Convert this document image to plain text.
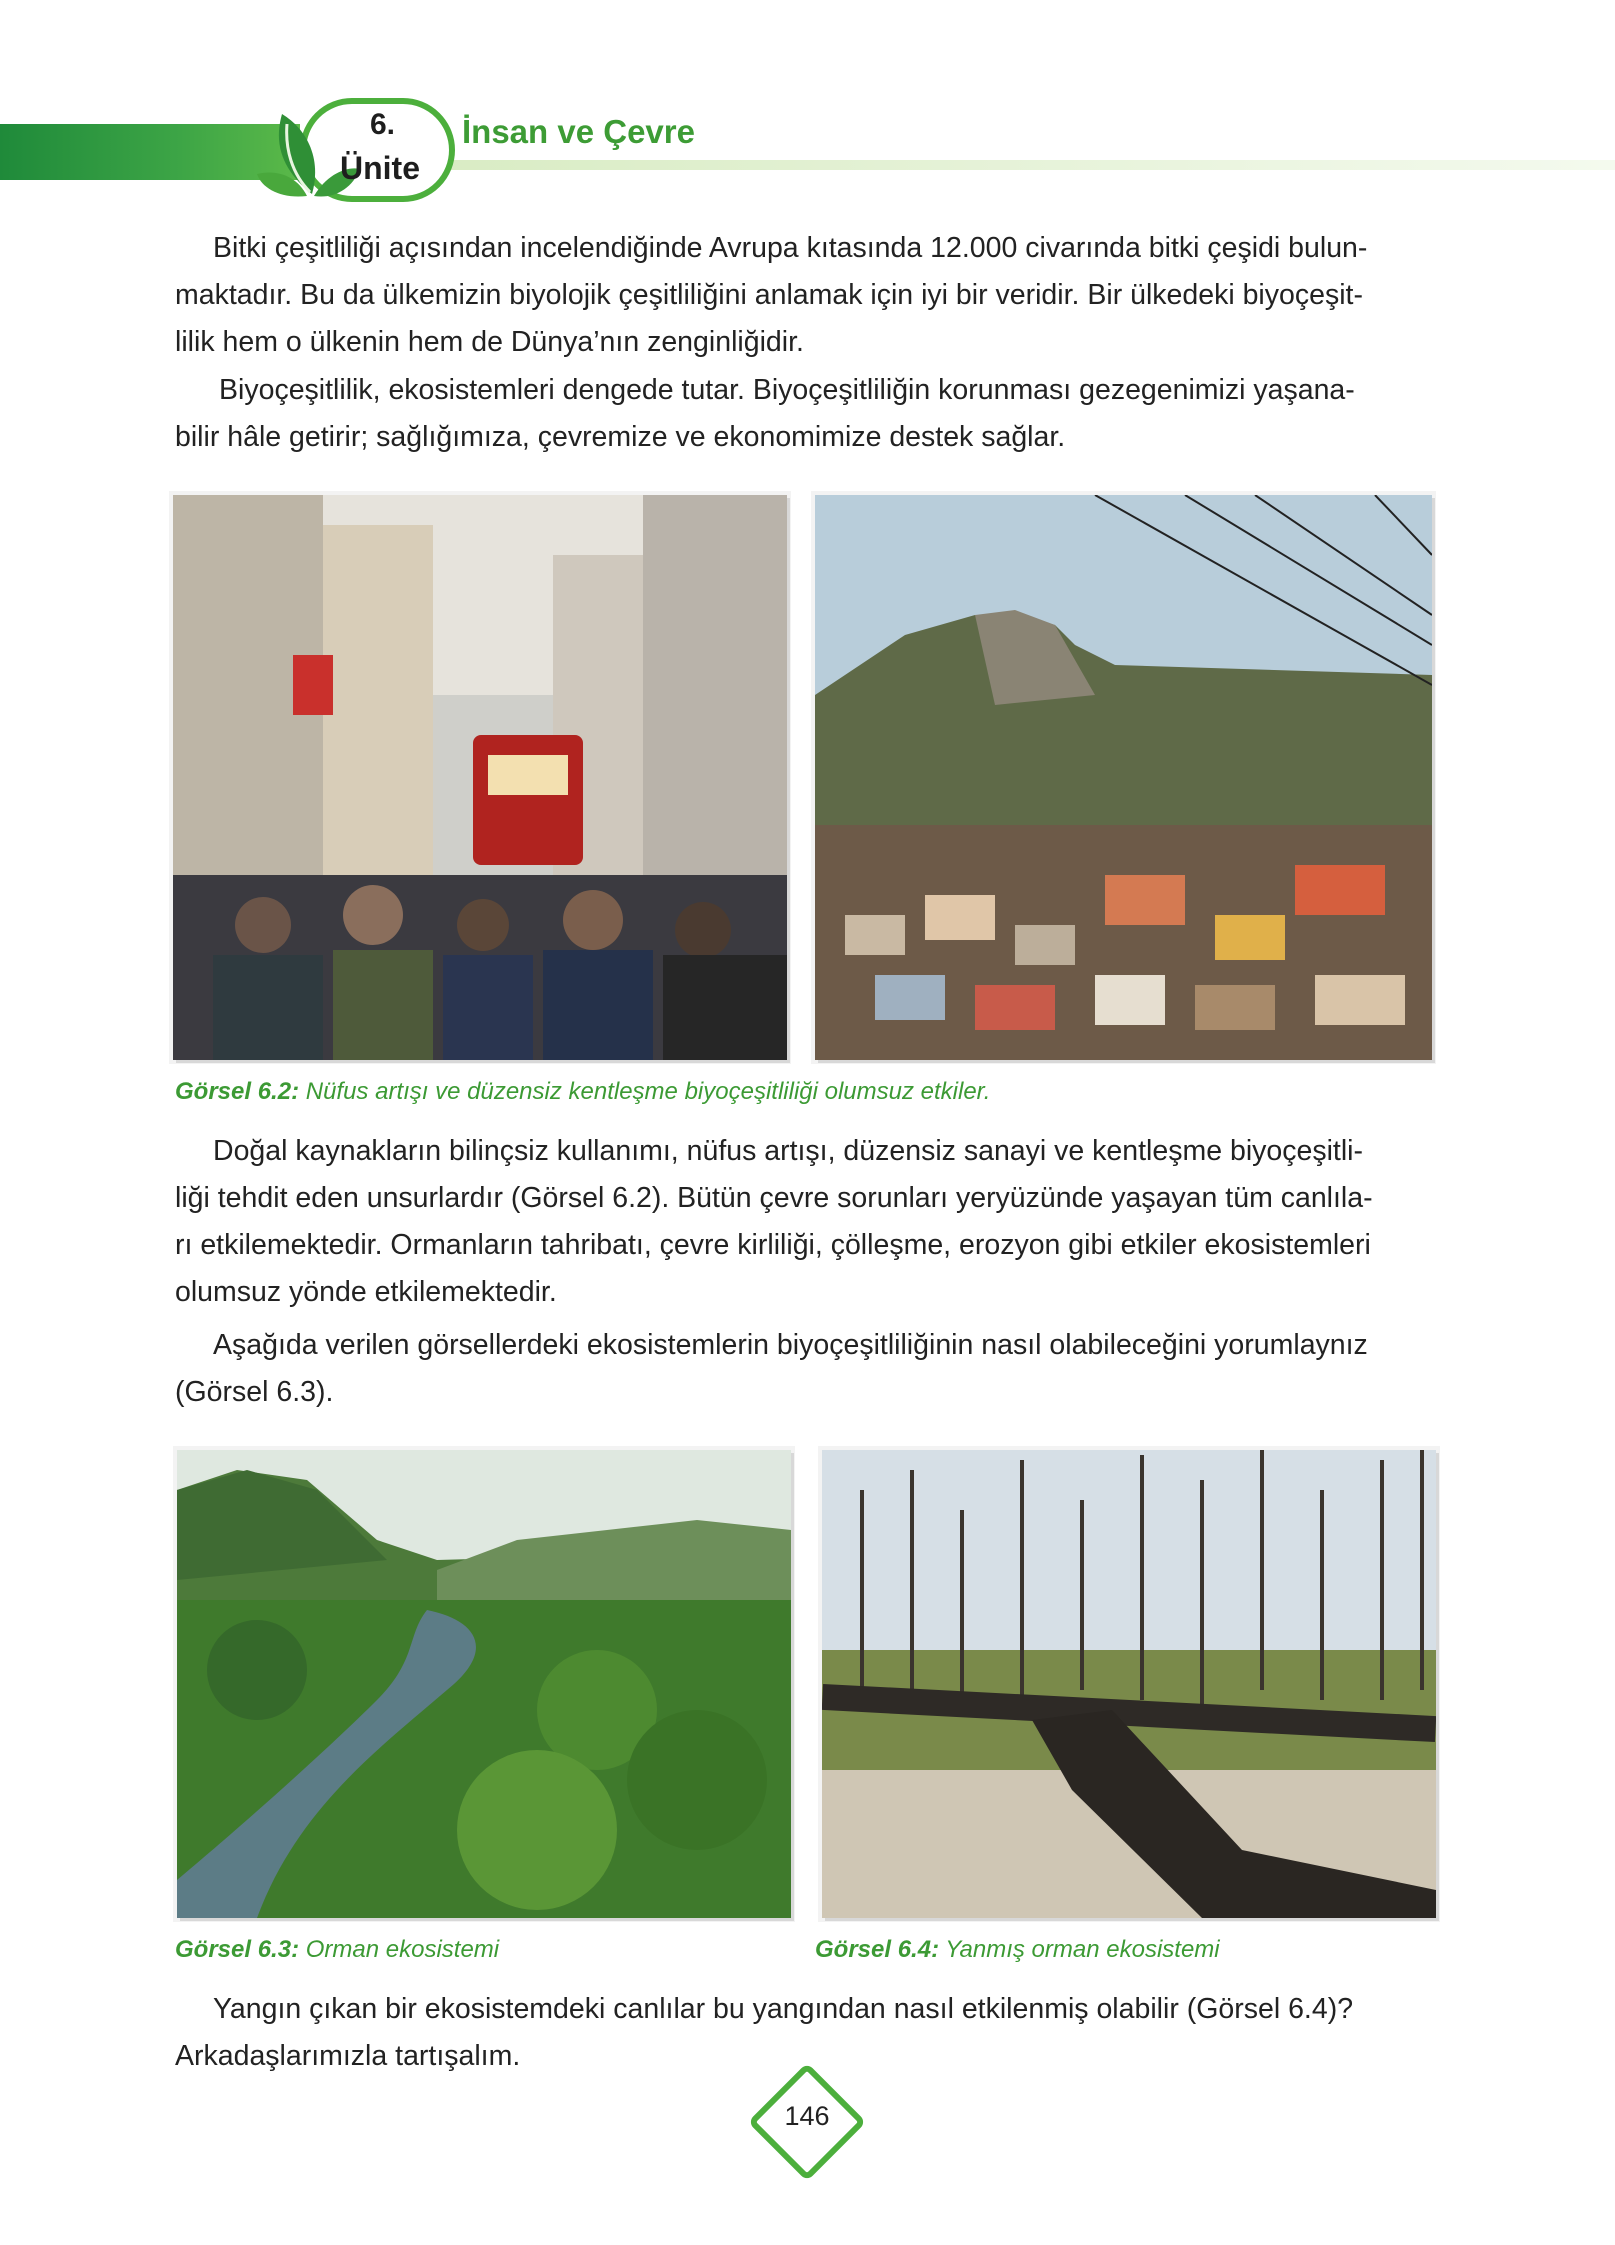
6.
Ünite
İnsan ve Çevre

Bitki çeşitliliği açısından incelendiğinde Avrupa kıtasında 12.000 civarında bitki çeşidi bulun-

maktadır. Bu da ülkemizin biyolojik çeşitliliğini anlamak için iyi bir veridir. Bir ülkedeki biyoçeşit-
lilik hem o ülkenin hem de Dünya’nın zenginliğidir.

Biyoçeşitlilik, ekosistemleri dengede tutar. Biyoçeşitliliğin korunması gezegenimizi yaşana-

bilir hâle getirir; sağlığımıza, çevremize ve ekonomimize destek sağlar.

Görsel 6.2: Nüfus artışı ve düzensiz kentleşme biyoçeşitliliği olumsuz etkiler.

Doğal kaynakların bilinçsiz kullanımı, nüfus artışı, düzensiz sanayi ve kentleşme biyoçeşitli-

liği tehdit eden unsurlardır (Görsel 6.2). Bütün çevre sorunları yeryüzünde yaşayan tüm canlıla-
rı etkilemektedir. Ormanların tahribatı, çevre kirliliği, çölleşme, erozyon gibi etkiler ekosistemleri
olumsuz yönde etkilemektedir.

Aşağıda verilen görsellerdeki ekosistemlerin biyoçeşitliliğinin nasıl olabileceğini yorumlaynız

(Görsel 6.3).

Görsel 6.3: Orman ekosistemi	Görsel 6.4: Yanmış orman ekosistemi

Yangın çıkan bir ekosistemdeki canlılar bu yangından nasıl etkilenmiş olabilir (Görsel 6.4)?

Arkadaşlarımızla tartışalım.

146
